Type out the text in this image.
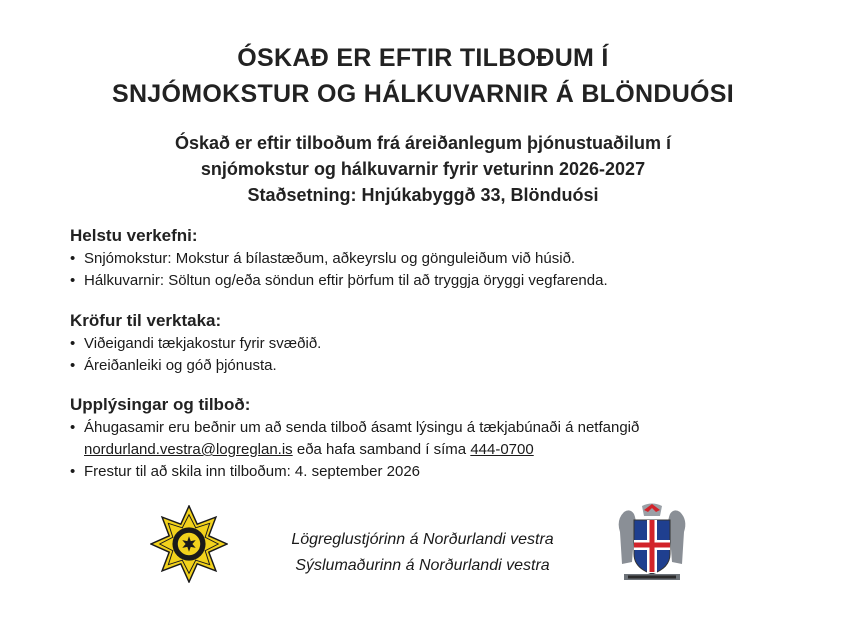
ÓSKAÐ ER EFTIR TILBOÐUM Í
SNJÓMOKSTUR OG HÁLKUVARNIR Á BLÖNDUÓSI
Óskað er eftir tilboðum frá áreiðanlegum þjónustuaðilum í
snjómokstur og hálkuvarnir fyrir veturinn 2026-2027
Staðsetning: Hnjúkabyggð 33, Blönduósi
Helstu verkefni:
• Snjómokstur: Mokstur á bílastæðum, aðkeyrslu og gönguleiðum við húsið.
• Hálkuvarnir: Söltun og/eða söndun eftir þörfum til að tryggja öryggi vegfarenda.
Kröfur til verktaka:
• Viðeigandi tækjakostur fyrir svæðið.
• Áreiðanleiki og góð þjónusta.
Upplýsingar og tilboð:
• Áhugasamir eru beðnir um að senda tilboð ásamt lýsingu á tækjabúnaði á netfangið nordurland.vestra@logreglan.is eða hafa samband í síma 444-0700
• Frestur til að skila inn tilboðum: 4. september 2026
Lögreglustjórinn á Norðurlandi vestra
Sýslumaðurinn á Norðurlandi vestra
